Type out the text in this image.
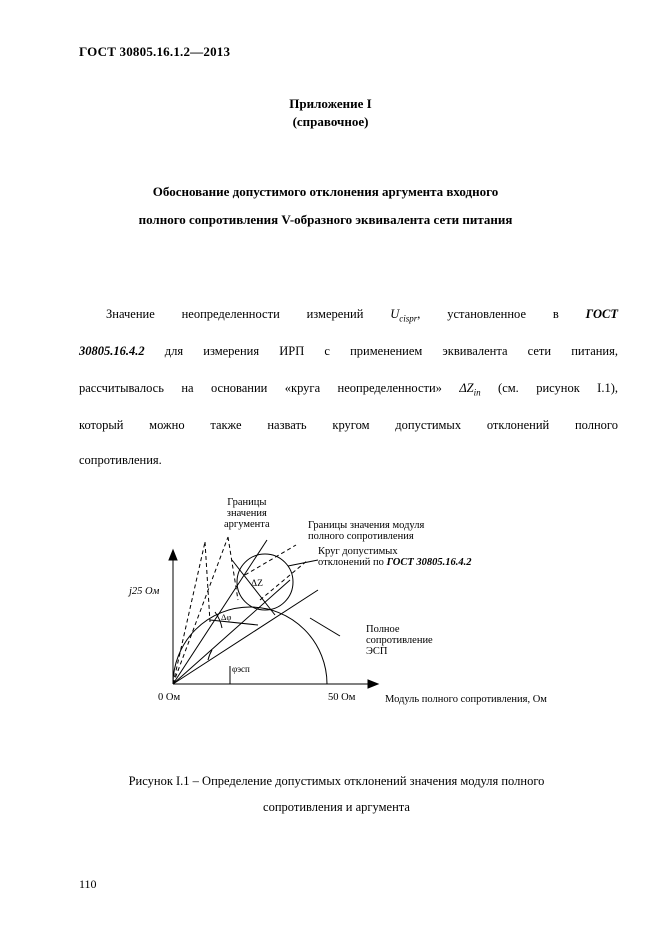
ГОСТ 30805.16.1.2—2013
Приложение I
(справочное)
Обоснование допустимого отклонения аргумента входного
полного сопротивления V-образного эквивалента сети питания
Значение неопределенности измерений $U_{cispr}$, установленное в ГОСТ
30805.16.4.2 для измерения ИРП с применением эквивалента сети питания,
рассчитывалось на основании «круга неопределенности» $\Delta Z_{in}$ (см. рисунок I.1),
который можно также назвать кругом допустимых отклонений полного
сопротивления.
Границы
значения
аргумента	Границы значения модуля
полного сопротивления
Круг допустимых
отклонений по ГОСТ 30805.16.4.2
j25 Ом
ΔZ
Δφ
φэсп
Полное
сопротивление
ЭСП
0 Ом	50 Ом	Модуль полного сопротивления, Ом
Рисунок I.1 – Определение допустимых отклонений значения модуля полного
сопротивления и аргумента
110
